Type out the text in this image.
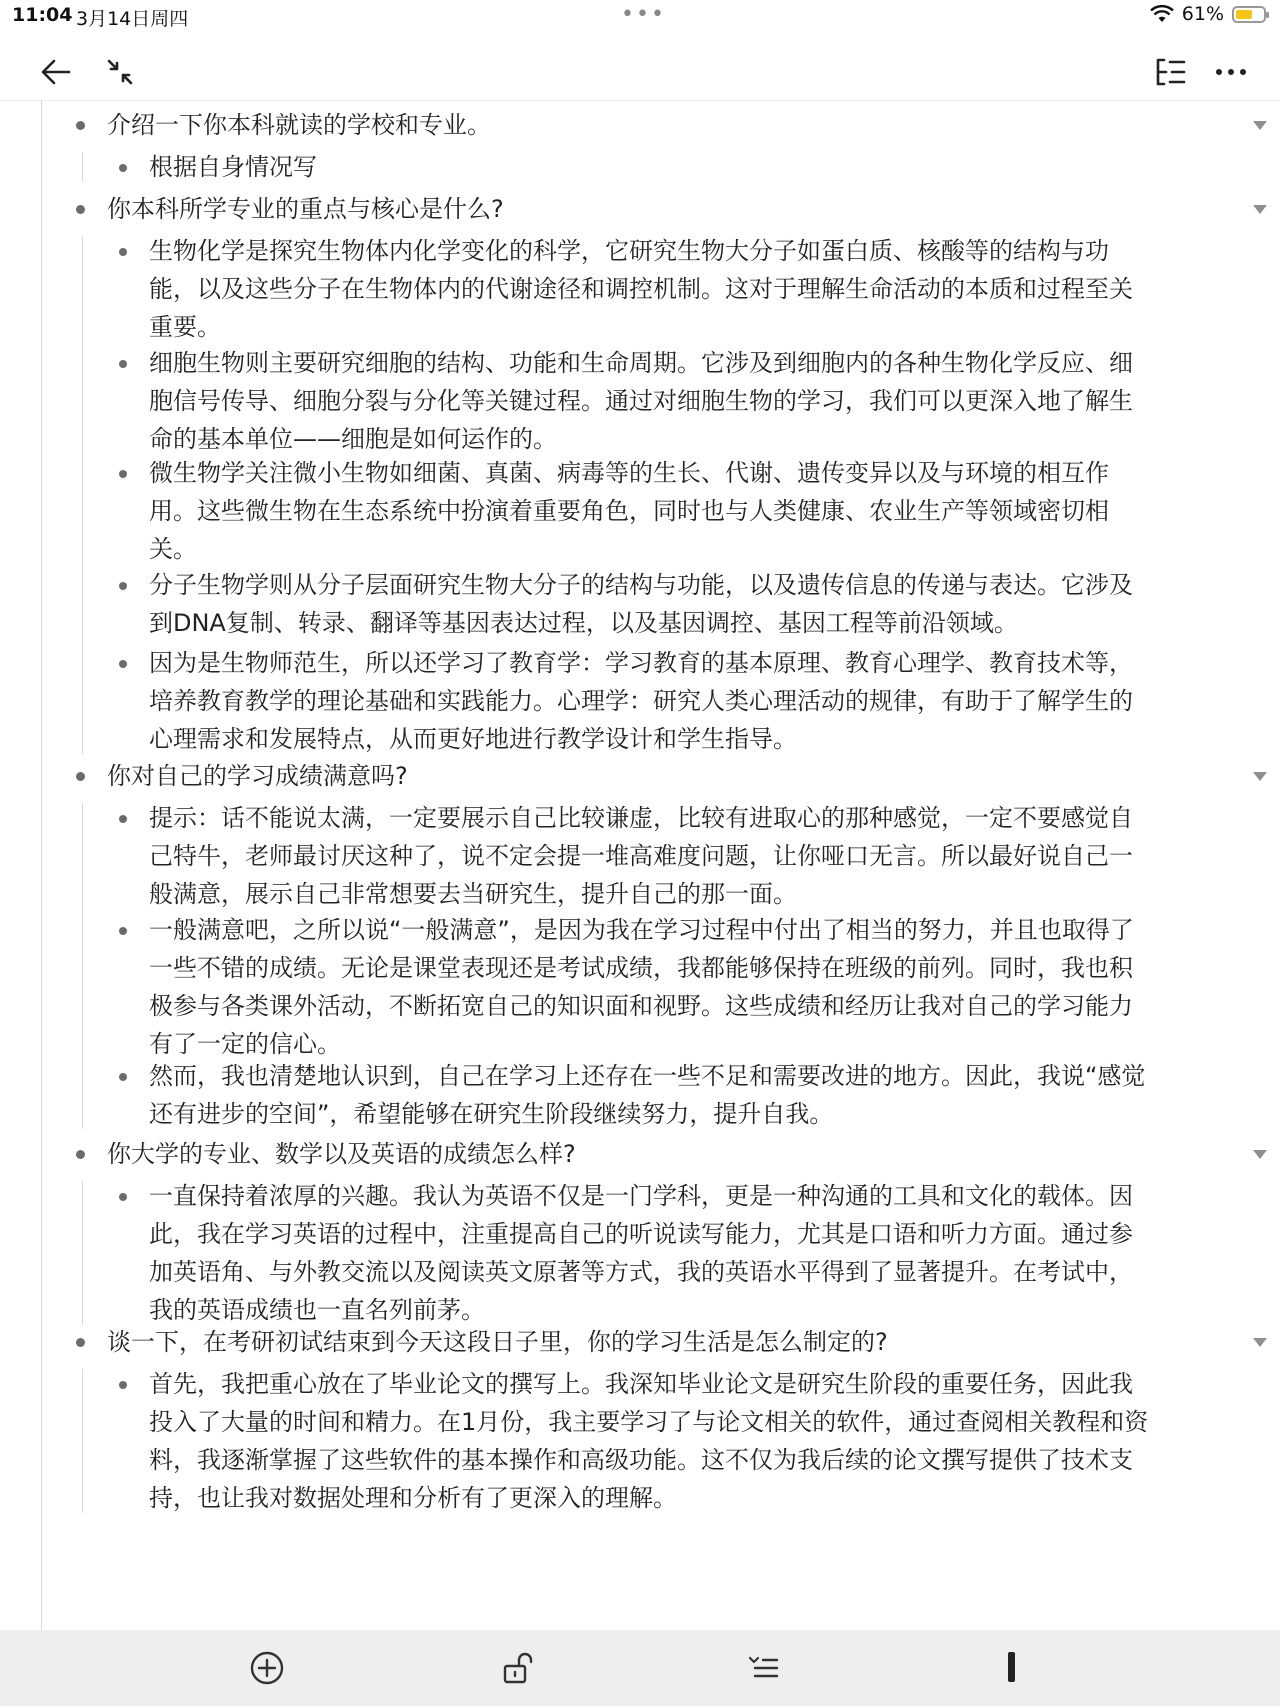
11:04 3月14日周四	•••	61%
介绍一下你本科就读的学校和专业。
根据自身情况写
你本科所学专业的重点与核心是什么?
生物化学是探究生物体内化学变化的科学，它研究生物大分子如蛋白质、核酸等的结构与功
能，以及这些分子在生物体内的代谢途径和调控机制。这对于理解生命活动的本质和过程至关
重要。
细胞生物则主要研究细胞的结构、功能和生命周期。它涉及到细胞内的各种生物化学反应、细
胞信号传导、细胞分裂与分化等关键过程。通过对细胞生物的学习，我们可以更深入地了解生
命的基本单位——细胞是如何运作的。
微生物学关注微小生物如细菌、真菌、病毒等的生长、代谢、遗传变异以及与环境的相互作
用。这些微生物在生态系统中扮演着重要角色，同时也与人类健康、农业生产等领域密切相
关。
分子生物学则从分子层面研究生物大分子的结构与功能，以及遗传信息的传递与表达。它涉及
到DNA复制、转录、翻译等基因表达过程，以及基因调控、基因工程等前沿领域。
因为是生物师范生，所以还学习了教育学：学习教育的基本原理、教育心理学、教育技术等，
培养教育教学的理论基础和实践能力。心理学：研究人类心理活动的规律，有助于了解学生的
心理需求和发展特点，从而更好地进行教学设计和学生指导。
你对自己的学习成绩满意吗?
提示：话不能说太满，一定要展示自己比较谦虚，比较有进取心的那种感觉，一定不要感觉自
己特牛，老师最讨厌这种了，说不定会提一堆高难度问题，让你哑口无言。所以最好说自己一
般满意，展示自己非常想要去当研究生，提升自己的那一面。
一般满意吧，之所以说“一般满意”，是因为我在学习过程中付出了相当的努力，并且也取得了
一些不错的成绩。无论是课堂表现还是考试成绩，我都能够保持在班级的前列。同时，我也积
极参与各类课外活动，不断拓宽自己的知识面和视野。这些成绩和经历让我对自己的学习能力
有了一定的信心。
然而，我也清楚地认识到，自己在学习上还存在一些不足和需要改进的地方。因此，我说“感觉
还有进步的空间”，希望能够在研究生阶段继续努力，提升自我。
你大学的专业、数学以及英语的成绩怎么样?
一直保持着浓厚的兴趣。我认为英语不仅是一门学科，更是一种沟通的工具和文化的载体。因
此，我在学习英语的过程中，注重提高自己的听说读写能力，尤其是口语和听力方面。通过参
加英语角、与外教交流以及阅读英文原著等方式，我的英语水平得到了显著提升。在考试中，
我的英语成绩也一直名列前茅。
谈一下，在考研初试结束到今天这段日子里，你的学习生活是怎么制定的?
首先，我把重心放在了毕业论文的撰写上。我深知毕业论文是研究生阶段的重要任务，因此我
投入了大量的时间和精力。在1月份，我主要学习了与论文相关的软件，通过查阅相关教程和资
料，我逐渐掌握了这些软件的基本操作和高级功能。这不仅为我后续的论文撰写提供了技术支
持，也让我对数据处理和分析有了更深入的理解。
